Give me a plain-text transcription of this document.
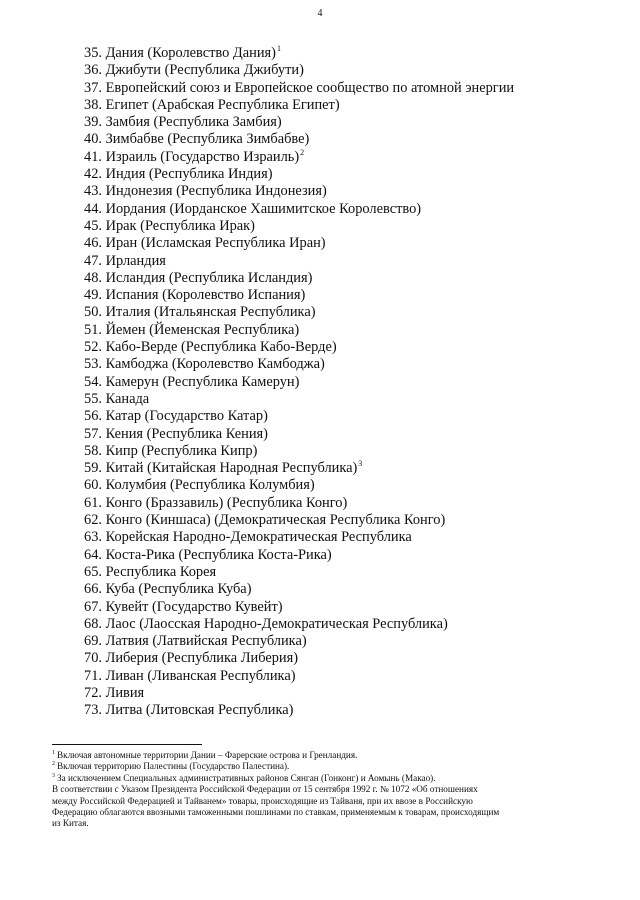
4
35. Дания (Королевство Дания)$^1$
36. Джибути (Республика Джибути)
37. Европейский союз и Европейское сообщество по атомной энергии
38. Египет (Арабская Республика Египет)
39. Замбия (Республика Замбия)
40. Зимбабве (Республика Зимбабве)
41. Израиль (Государство Израиль)$^2$
42. Индия (Республика Индия)
43. Индонезия (Республика Индонезия)
44. Иордания (Иорданское Хашимитское Королевство)
45. Ирак (Республика Ирак)
46. Иран (Исламская Республика Иран)
47. Ирландия
48. Исландия (Республика Исландия)
49. Испания (Королевство Испания)
50. Италия (Итальянская Республика)
51. Йемен (Йеменская Республика)
52. Кабо-Верде (Республика Кабо-Верде)
53. Камбоджа (Королевство Камбоджа)
54. Камерун (Республика Камерун)
55. Канада
56. Катар (Государство Катар)
57. Кения (Республика Кения)
58. Кипр (Республика Кипр)
59. Китай (Китайская Народная Республика)$^3$
60. Колумбия (Республика Колумбия)
61. Конго (Браззавиль) (Республика Конго)
62. Конго (Киншаса) (Демократическая Республика Конго)
63. Корейская Народно-Демократическая Республика
64. Коста-Рика (Республика Коста-Рика)
65. Республика Корея
66. Куба (Республика Куба)
67. Кувейт (Государство Кувейт)
68. Лаос (Лаосская Народно-Демократическая Республика)
69. Латвия (Латвийская Республика)
70. Либерия (Республика Либерия)
71. Ливан (Ливанская Республика)
72. Ливия
73. Литва (Литовская Республика)
$^1$ Включая автономные территории Дании – Фарерские острова и Гренландия.
$^2$ Включая территорию Палестины (Государство Палестина).
$^3$ За исключением Специальных административных районов Сянган (Гонконг) и Аомынь (Макао).
В соответствии с Указом Президента Российской Федерации от 15 сентября 1992 г. № 1072 «Об отношениях
между Российской Федерацией и Тайванем» товары, происходящие из Тайваня, при их ввозе в Российскую
Федерацию облагаются ввозными таможенными пошлинами по ставкам, применяемым к товарам, происходящим
из Китая.
